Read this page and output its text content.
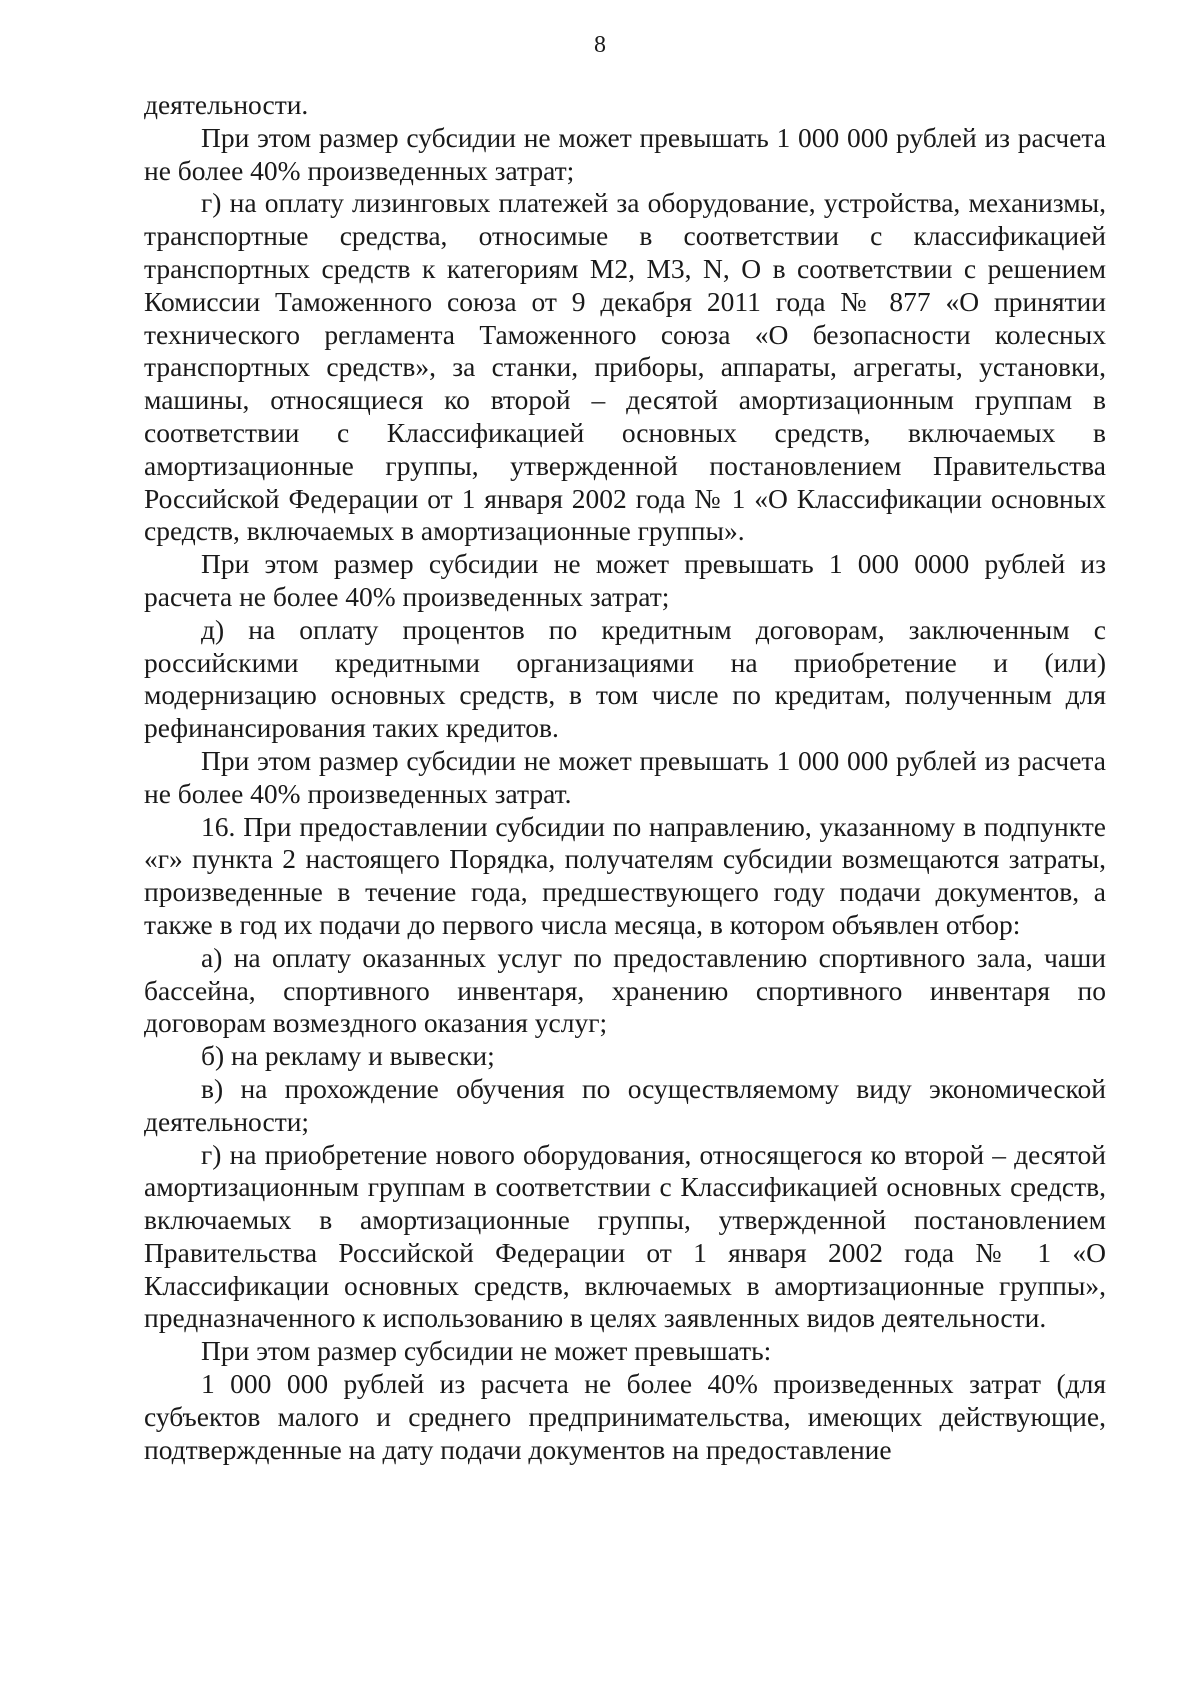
8

деятельности.

При этом размер субсидии не может превышать 1 000 000 рублей из расчета не более 40% произведенных затрат;

г) на оплату лизинговых платежей за оборудование, устройства, механизмы, транспортные средства, относимые в соответствии с классификацией транспортных средств к категориям M2, M3, N, O в соответствии с решением Комиссии Таможенного союза от 9 декабря 2011 года № 877 «О принятии технического регламента Таможенного союза «О безопасности колесных транспортных средств», за станки, приборы, аппараты, агрегаты, установки, машины, относящиеся ко второй – десятой амортизационным группам в соответствии с Классификацией основных средств, включаемых в амортизационные группы, утвержденной постановлением Правительства Российской Федерации от 1 января 2002 года № 1 «О Классификации основных средств, включаемых в амортизационные группы».

При этом размер субсидии не может превышать 1 000 0000 рублей из расчета не более 40% произведенных затрат;

д) на оплату процентов по кредитным договорам, заключенным с российскими кредитными организациями на приобретение и (или) модернизацию основных средств, в том числе по кредитам, полученным для рефинансирования таких кредитов.

При этом размер субсидии не может превышать 1 000 000 рублей из расчета не более 40% произведенных затрат.

16. При предоставлении субсидии по направлению, указанному в подпункте «г» пункта 2 настоящего Порядка, получателям субсидии возмещаются затраты, произведенные в течение года, предшествующего году подачи документов, а также в год их подачи до первого числа месяца, в котором объявлен отбор:

а) на оплату оказанных услуг по предоставлению спортивного зала, чаши бассейна, спортивного инвентаря, хранению спортивного инвентаря по договорам возмездного оказания услуг;

б) на рекламу и вывески;

в) на прохождение обучения по осуществляемому виду экономической деятельности;

г) на приобретение нового оборудования, относящегося ко второй – десятой амортизационным группам в соответствии с Классификацией основных средств, включаемых в амортизационные группы, утвержденной постановлением Правительства Российской Федерации от 1 января 2002 года № 1 «О Классификации основных средств, включаемых в амортизационные группы», предназначенного к использованию в целях заявленных видов деятельности.

При этом размер субсидии не может превышать:

1 000 000 рублей из расчета не более 40% произведенных затрат (для субъектов малого и среднего предпринимательства, имеющих действующие, подтвержденные на дату подачи документов на предоставление
